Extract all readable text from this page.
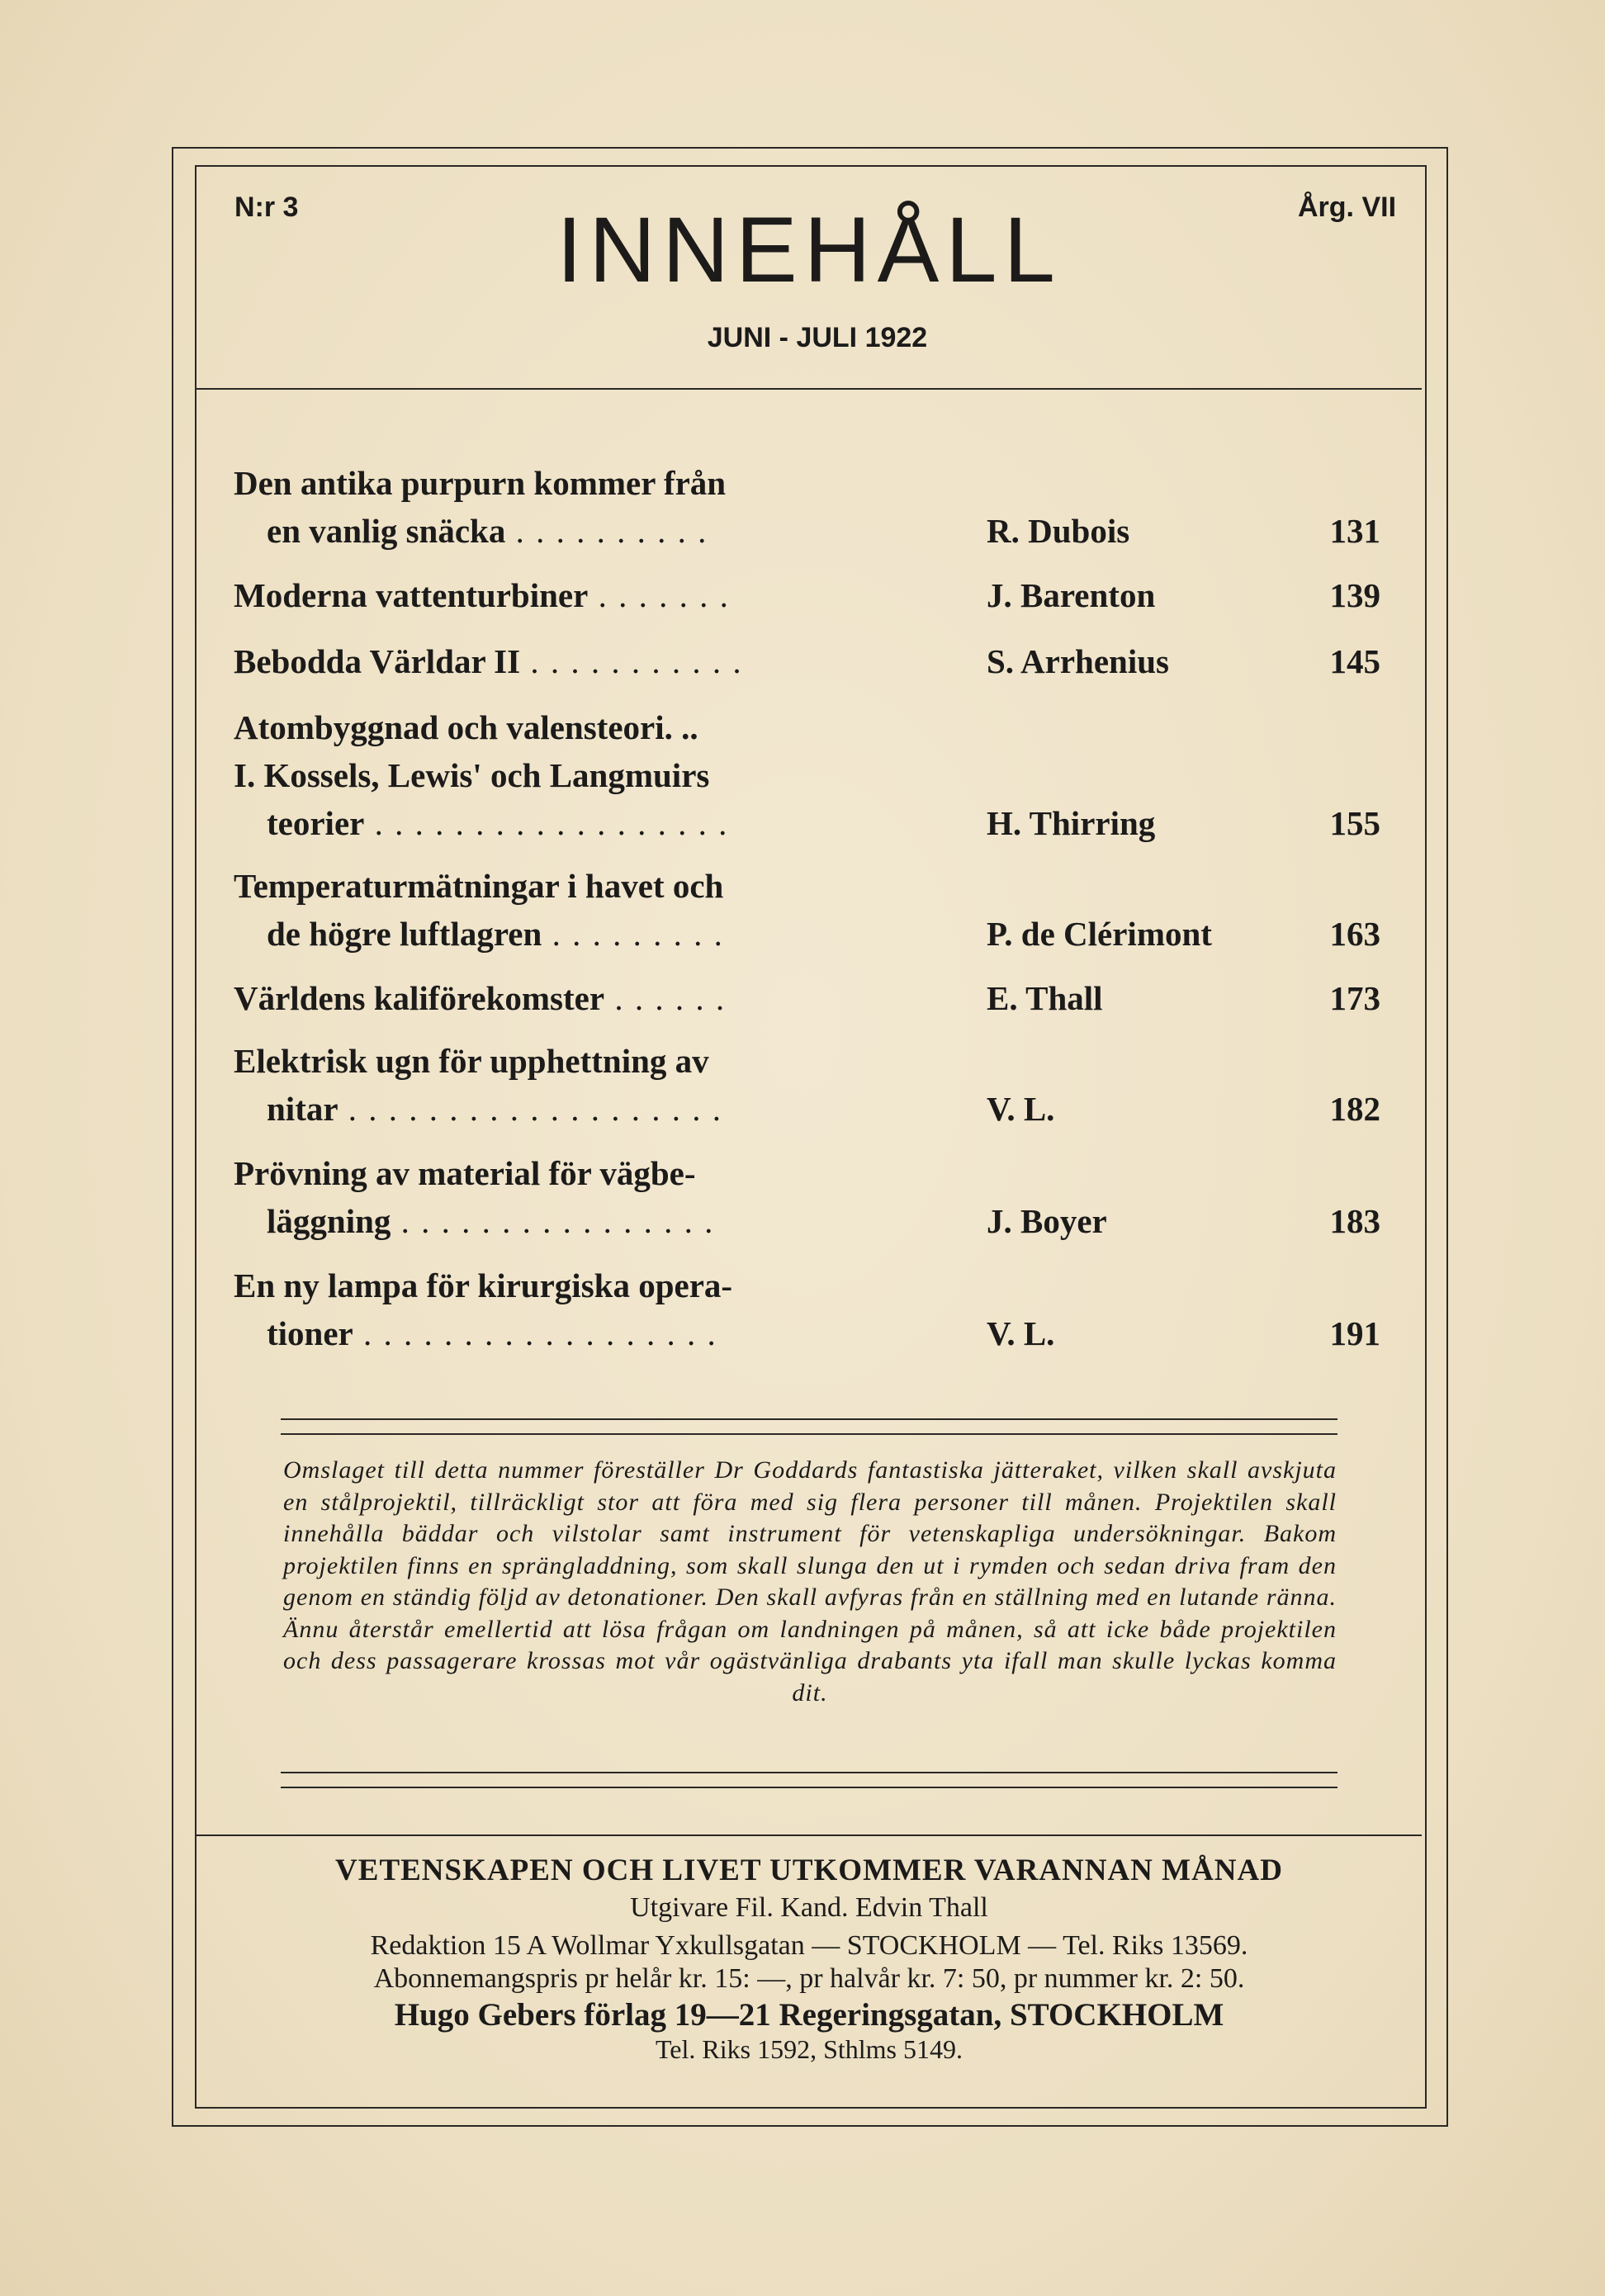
N:r 3	INNEHÅLL	Årg. VII
JUNI - JULI 1922
Den antika purpurn kommer från
en vanlig snäcka . . . . . . . . . .	R. Dubois	131
Moderna vattenturbiner . . . . . . .	J. Barenton	139
Bebodda Världar II . . . . . . . . . . .	S. Arrhenius	145
Atombyggnad och valensteori. ..
I. Kossels, Lewis' och Langmuirs
teorier . . . . . . . . . . . . . . . . . .	H. Thirring	155
Temperaturmätningar i havet och
de högre luftlagren . . . . . . . . .	P. de Clérimont	163
Världens kaliförekomster . . . . . .	E. Thall	173
Elektrisk ugn för upphettning av
nitar . . . . . . . . . . . . . . . . . . .	V. L.	182
Prövning av material för vägbe-
läggning . . . . . . . . . . . . . . . .	J. Boyer	183
En ny lampa för kirurgiska opera-
tioner . . . . . . . . . . . . . . . . . .	V. L.	191
Omslaget till detta nummer föreställer Dr Goddards fantastiska jätteraket, vilken skall avskjuta en stålprojektil, tillräckligt stor att föra med sig flera personer till månen. Projektilen skall innehålla bäddar och vilstolar samt instrument för vetenskapliga undersökningar. Bakom projektilen finns en sprängladdning, som skall slunga den ut i rymden och sedan driva fram den genom en ständig följd av detonationer. Den skall avfyras från en ställning med en lutande ränna. Ännu återstår emellertid att lösa frågan om landningen på månen, så att icke både projektilen och dess passagerare krossas mot vår ogästvänliga drabants yta ifall man skulle lyckas komma dit.
VETENSKAPEN OCH LIVET UTKOMMER VARANNAN MÅNAD
Utgivare Fil. Kand. Edvin Thall
Redaktion 15 A Wollmar Yxkullsgatan — STOCKHOLM — Tel. Riks 13569.
Abonnemangspris pr helår kr. 15: —, pr halvår kr. 7: 50, pr nummer kr. 2: 50.
Hugo Gebers förlag 19—21 Regeringsgatan, STOCKHOLM
Tel. Riks 1592, Sthlms 5149.
